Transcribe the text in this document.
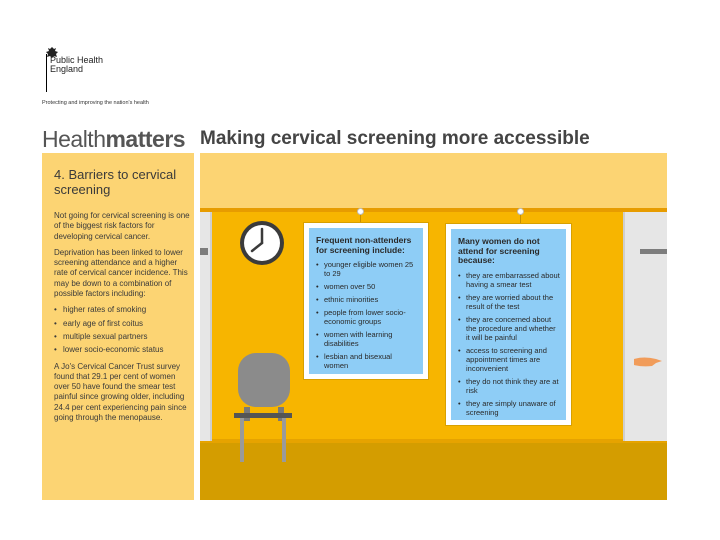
Public Health
England
Protecting and improving the nation's health
Healthmatters Making cervical screening more accessible
4. Barriers to cervical screening

Not going for cervical screening is one of the biggest risk factors for developing cervical cancer.

Deprivation has been linked to lower screening attendance and a higher rate of cervical cancer incidence. This may be down to a combination of possible factors including:

• higher rates of smoking
• early age of first coitus
• multiple sexual partners
• lower socio-economic status

A Jo's Cervical Cancer Trust survey found that 29.1 per cent of women over 50 have found the smear test painful since growing older, including 24.4 per cent experiencing pain since going through the menopause.

Frequent non-attenders for screening include:
• younger eligible women 25 to 29
• women over 50
• ethnic minorities
• people from lower socio-economic groups
• women with learning disabilities
• lesbian and bisexual women
Many women do not attend for screening because:
• they are embarrassed about having a smear test
• they are worried about the result of the test
• they are concerned about the procedure and whether it will be painful
• access to screening and appointment times are inconvenient
• they do not think they are at risk
• they are simply unaware of screening
